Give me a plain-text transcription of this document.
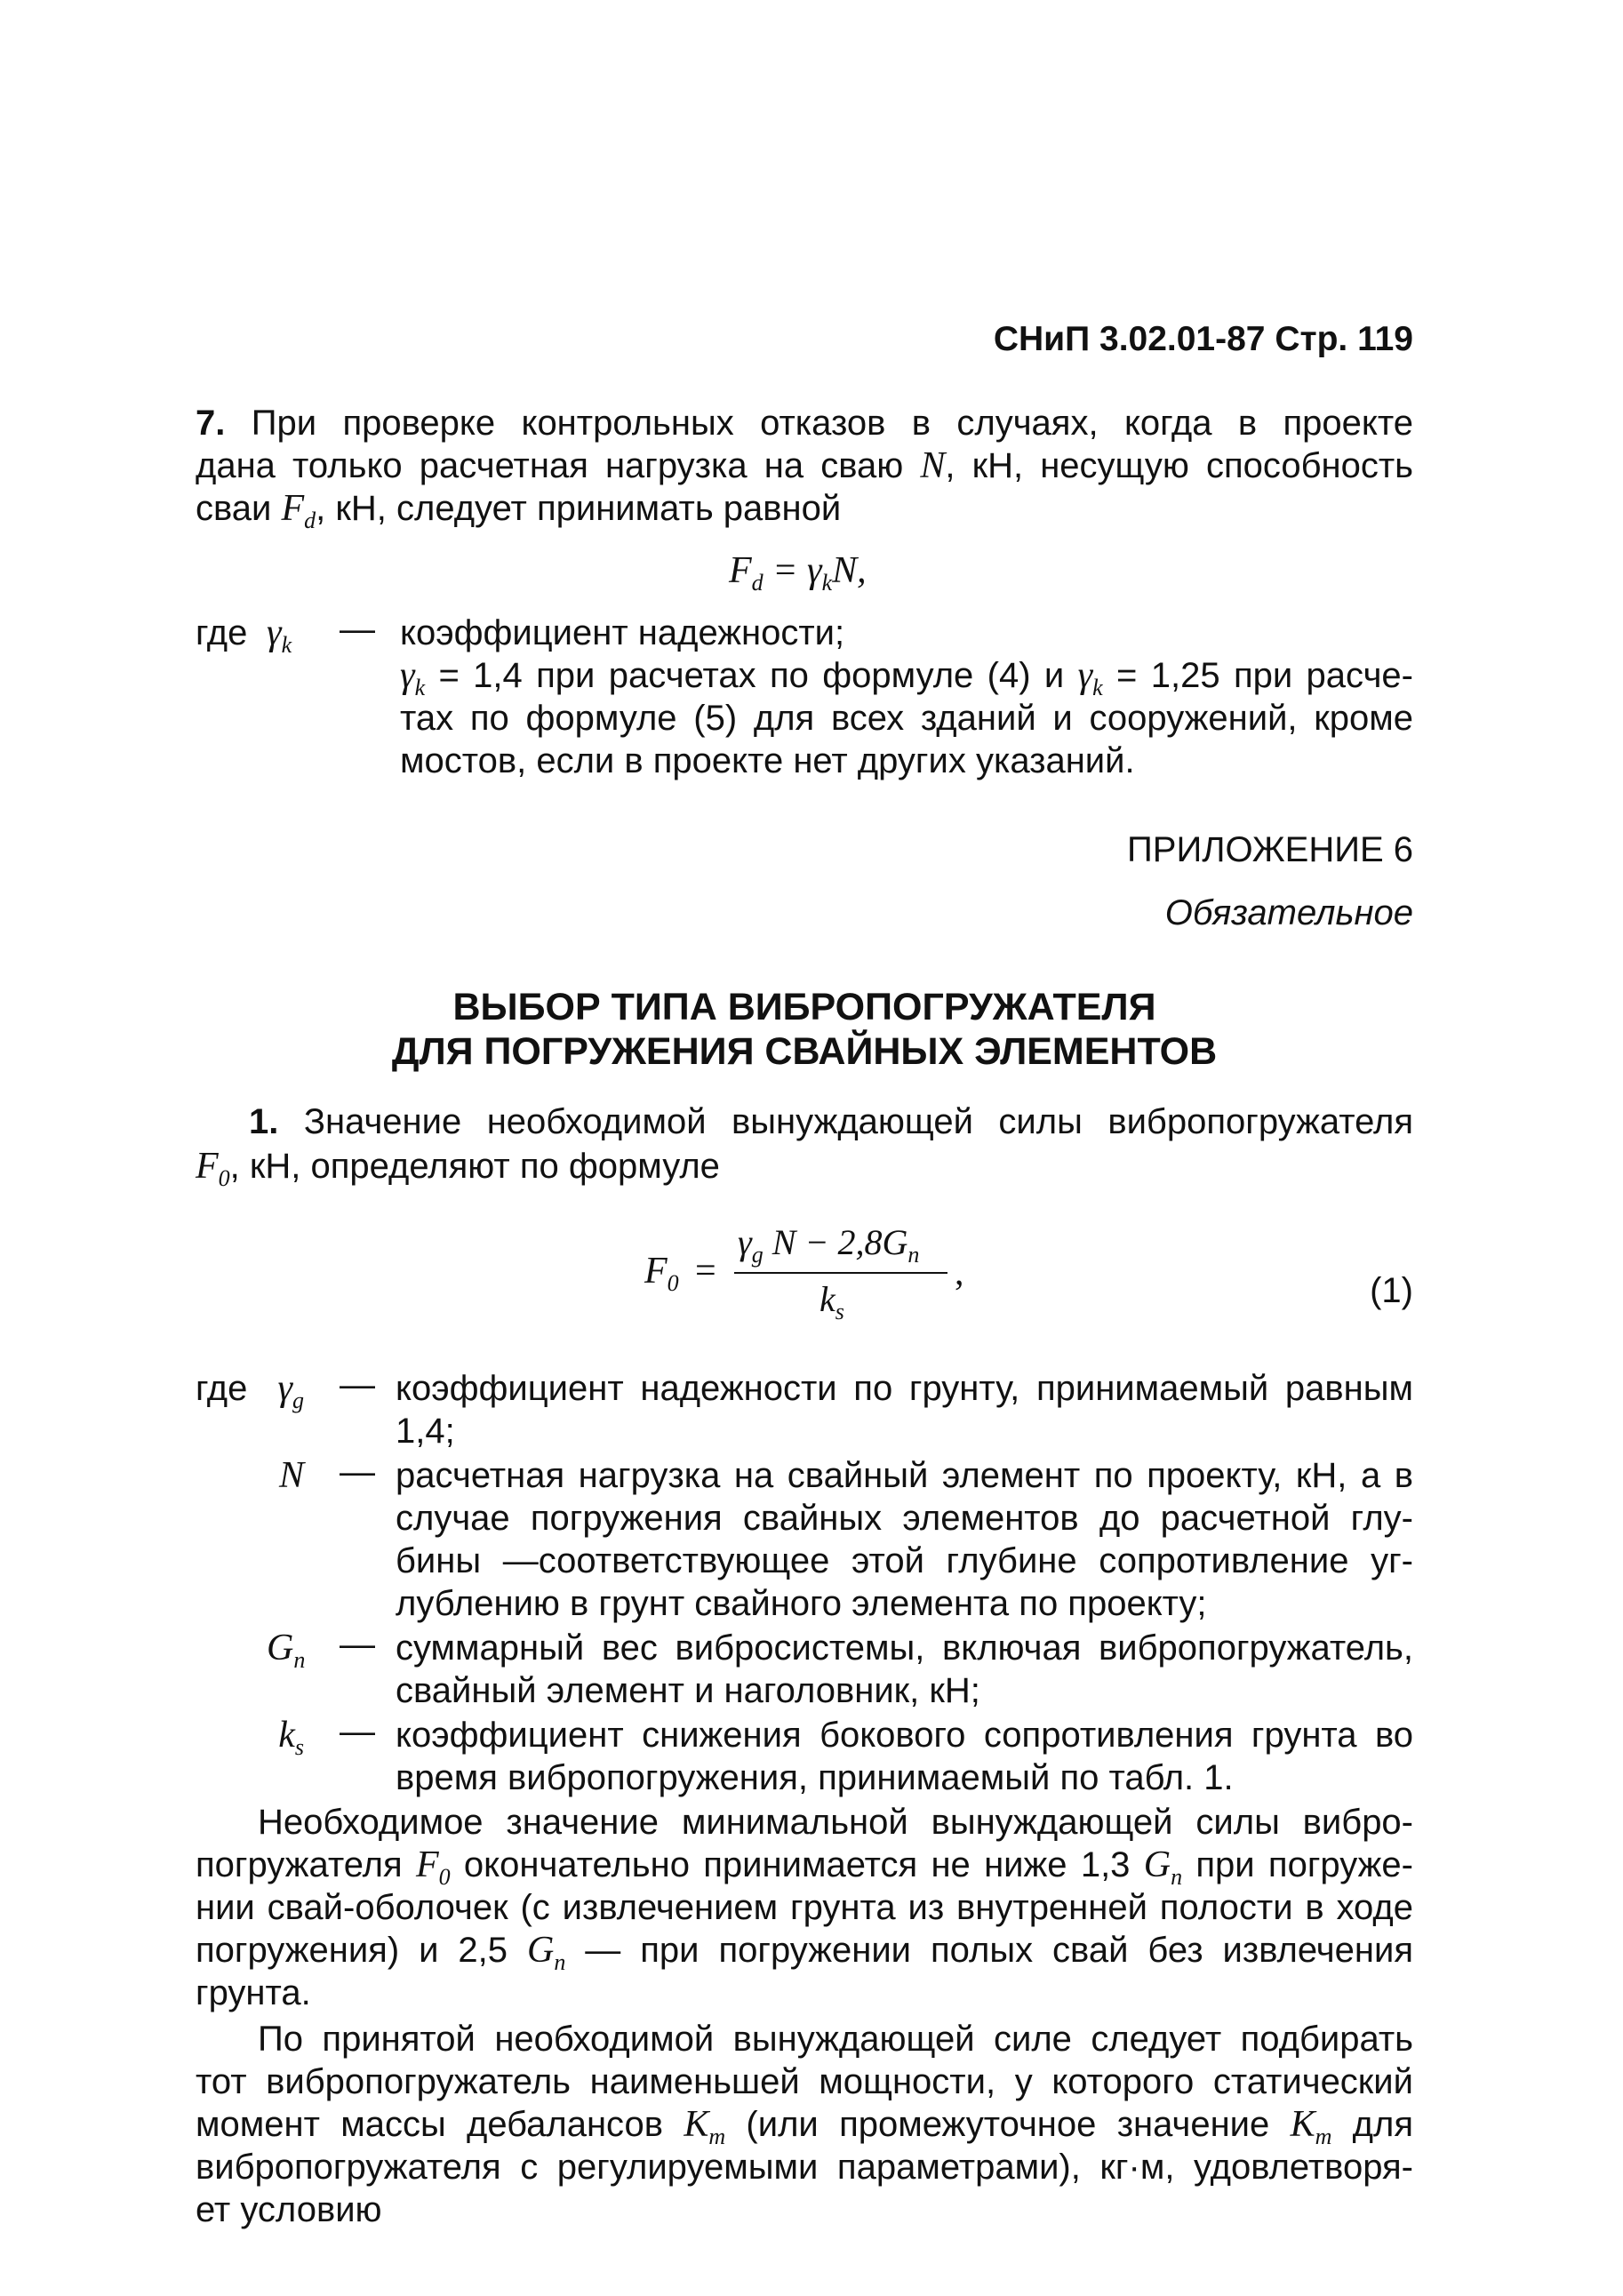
СНиП 3.02.01-87 Стр. 119
7. При проверке контрольных отказов в случаях, когда в проекте
дана только расчетная нагрузка на сваю N, кН, несущую способность
сваи $F_d$, кН, следует принимать равной
$F_d = \gamma_kN$,
где $\gamma_k$	— коэффициент надежности;
$\gamma_k = 1,4$ при расчетах по формуле (4) и $\gamma_k = 1,25$ при расче-
тах по формуле (5) для всех зданий и сооружений, кроме
мостов, если в проекте нет других указаний.
ПРИЛОЖЕНИЕ 6
Обязательное
ВЫБОР ТИПА ВИБРОПОГРУЖАТЕЛЯ
ДЛЯ ПОГРУЖЕНИЯ СВАЙНЫХ ЭЛЕМЕНТОВ
1. Значение необходимой вынуждающей силы вибропогружателя
$F_0$, кН, определяют по формуле
$F_0$ =
$\gamma_g$ $N - 2,8G_n$
$k_s$
,	(1)
где $\gamma_g$ — коэффициент надежности по грунту, принимаемый равным
1,4;
N — расчетная нагрузка на свайный элемент по проекту, кН, а в
случае погружения свайных элементов до расчетной глу-
бины —соответствующее этой глубине сопротивление уг-
лублению в грунт свайного элемента по проекту;
$G_n$ — суммарный вес вибросистемы, включая вибропогружатель,
свайный элемент и наголовник, кН;
$k_s$ — коэффициент снижения бокового сопротивления грунта во
время вибропогружения, принимаемый по табл. 1.
Необходимое значение минимальной вынуждающей силы вибро-
погружателя $F_0$ окончательно принимается не ниже 1,3 $G_n$ при погруже-
нии свай-оболочек (с извлечением грунта из внутренней полости в ходе
погружения) и 2,5 $G_n$ — при погружении полых свай без извлечения
грунта.
По принятой необходимой вынуждающей силе следует подбирать
тот вибропогружатель наименьшей мощности, у которого статический
момент массы дебалансов $K_m$ (или промежуточное значение $K_m$ для
вибропогружателя с регулируемыми параметрами), кг·м, удовлетворя-
ет условию
